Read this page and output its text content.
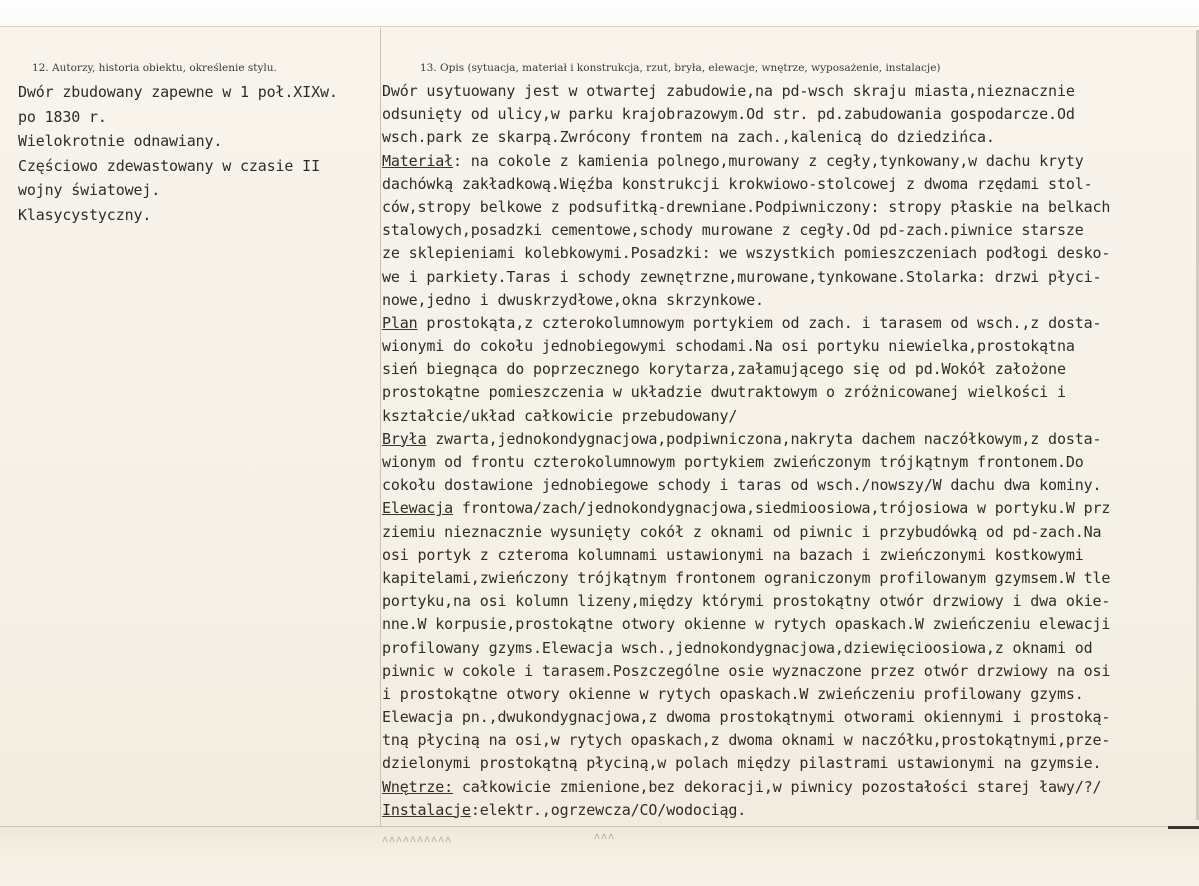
12. Autorzy, historia obiektu, określenie stylu.	13. Opis (sytuacja, materiał i konstrukcja, rzut, bryła, elewacje, wnętrze, wyposażenie, instalacje)
Dwór zbudowany zapewne w 1 poł.XIXw.
po 1830 r.
Wielokrotnie odnawiany.
Częściowo zdewastowany w czasie II
wojny światowej.
Klasycystyczny.
Dwór usytuowany jest w otwartej zabudowie,na pd-wsch skraju miasta,nieznacznie
odsunięty od ulicy,w parku krajobrazowym.Od str. pd.zabudowania gospodarcze.Od
wsch.park ze skarpą.Zwrócony frontem na zach.,kalenicą do dziedzińca.
Materiał: na cokole z kamienia polnego,murowany z cegły,tynkowany,w dachu kryty
dachówką zakładkową.Więźba konstrukcji krokwiowo-stolcowej z dwoma rzędami stol-
ców,stropy belkowe z podsufitką-drewniane.Podpiwniczony: stropy płaskie na belkach
stalowych,posadzki cementowe,schody murowane z cegły.Od pd-zach.piwnice starsze
ze sklepieniami kolebkowymi.Posadzki: we wszystkich pomieszczeniach podłogi desko-
we i parkiety.Taras i schody zewnętrzne,murowane,tynkowane.Stolarka: drzwi płyci-
nowe,jedno i dwuskrzydłowe,okna skrzynkowe.
Plan prostokąta,z czterokolumnowym portykiem od zach. i tarasem od wsch.,z dosta-
wionymi do cokołu jednobiegowymi schodami.Na osi portyku niewielka,prostokątna
sień biegnąca do poprzecznego korytarza,załamującego się od pd.Wokół założone
prostokątne pomieszczenia w układzie dwutraktowym o zróżnicowanej wielkości i
kształcie/układ całkowicie przebudowany/
Bryła zwarta,jednokondygnacjowa,podpiwniczona,nakryta dachem naczółkowym,z dosta-
wionym od frontu czterokolumnowym portykiem zwieńczonym trójkątnym frontonem.Do
cokołu dostawione jednobiegowe schody i taras od wsch./nowszy/W dachu dwa kominy.
Elewacja frontowa/zach/jednokondygnacjowa,siedmioosiowa,trójosiowa w portyku.W prz
ziemiu nieznacznie wysunięty cokół z oknami od piwnic i przybudówką od pd-zach.Na
osi portyk z czteroma kolumnami ustawionymi na bazach i zwieńczonymi kostkowymi
kapitelami,zwieńczony trójkątnym frontonem ograniczonym profilowanym gzymsem.W tle
portyku,na osi kolumn lizeny,między którymi prostokątny otwór drzwiowy i dwa okie-
nne.W korpusie,prostokątne otwory okienne w rytych opaskach.W zwieńczeniu elewacji
profilowany gzyms.Elewacja wsch.,jednokondygnacjowa,dziewięcioosiowa,z oknami od
piwnic w cokole i tarasem.Poszczególne osie wyznaczone przez otwór drzwiowy na osi
i prostokątne otwory okienne w rytych opaskach.W zwieńczeniu profilowany gzyms.
Elewacja pn.,dwukondygnacjowa,z dwoma prostokątnymi otworami okiennymi i prostoką-
tną płyciną na osi,w rytych opaskach,z dwoma oknami w naczółku,prostokątnymi,prze-
dzielonymi prostokątną płyciną,w polach między pilastrami ustawionymi na gzymsie.
Wnętrze: całkowicie zmienione,bez dekoracji,w piwnicy pozostałości starej ławy/?/
Instalacje:elektr.,ogrzewcza/CO/wodociąg.
ᴧᴧᴧᴧᴧᴧᴧᴧᴧᴧ	ᴧᴧᴧ
